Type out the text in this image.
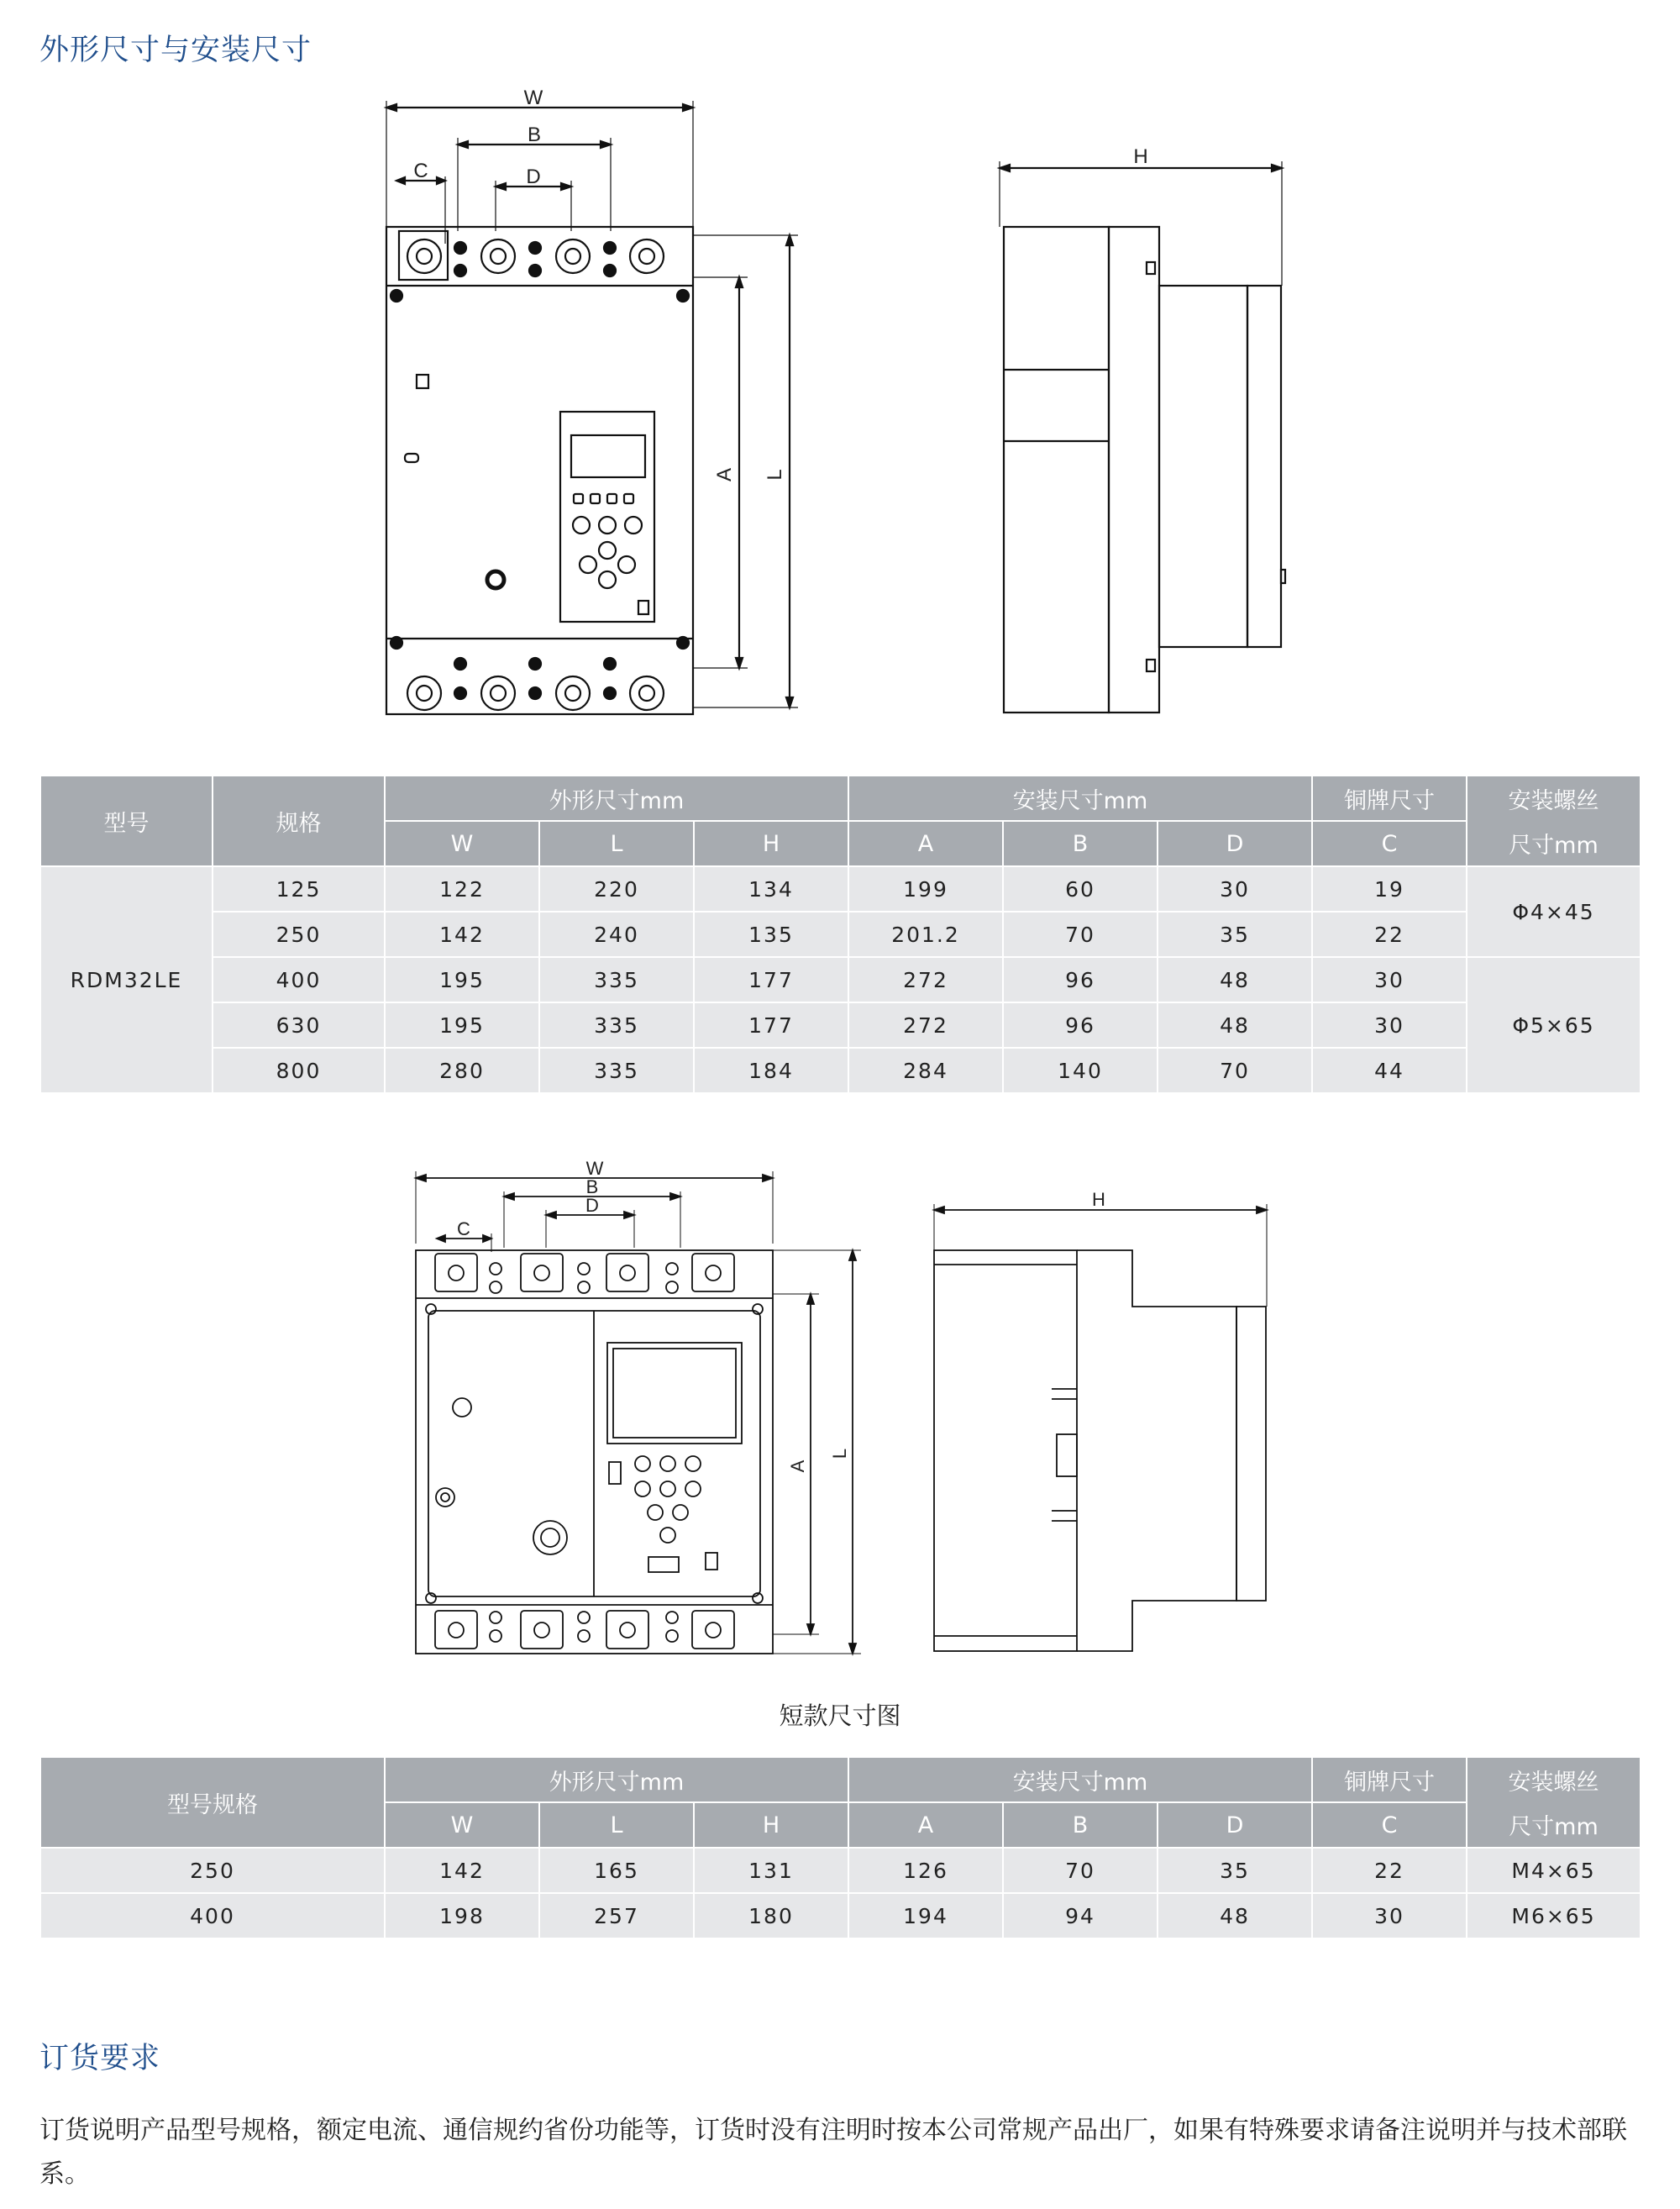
外形尺寸与安装尺寸
W
B
C	D
A L
H
型号	规格	外形尺寸mm			安装尺寸mm			铜牌尺寸	安装螺丝
尺寸mm

		W	L	H	A	B	D	C	
RDM32LE	125	122	220	134	199	60	30	19	Φ4×45
	250	142	240	135	201.2	70	35	22	
	400	195	335	177	272	96	48	30	Φ5×65
	630	195	335	177	272	96	48	30	
	800	280	335	184	284	140	70	44	
W
B
D
C
A
L
H
短款尺寸图
型号规格	外形尺寸mm			安装尺寸mm			铜牌尺寸	安装螺丝
尺寸mm

	W	L	H	A	B	D	C	
250	142	165	131	126	70	35	22	M4×65
400	198	257	180	194	94	48	30	M6×65
订货要求
订货说明产品型号规格，额定电流、通信规约省份功能等，订货时没有注明时按本公司常规产品出厂，如果有特殊要求请备注说明并与技术部联系。
